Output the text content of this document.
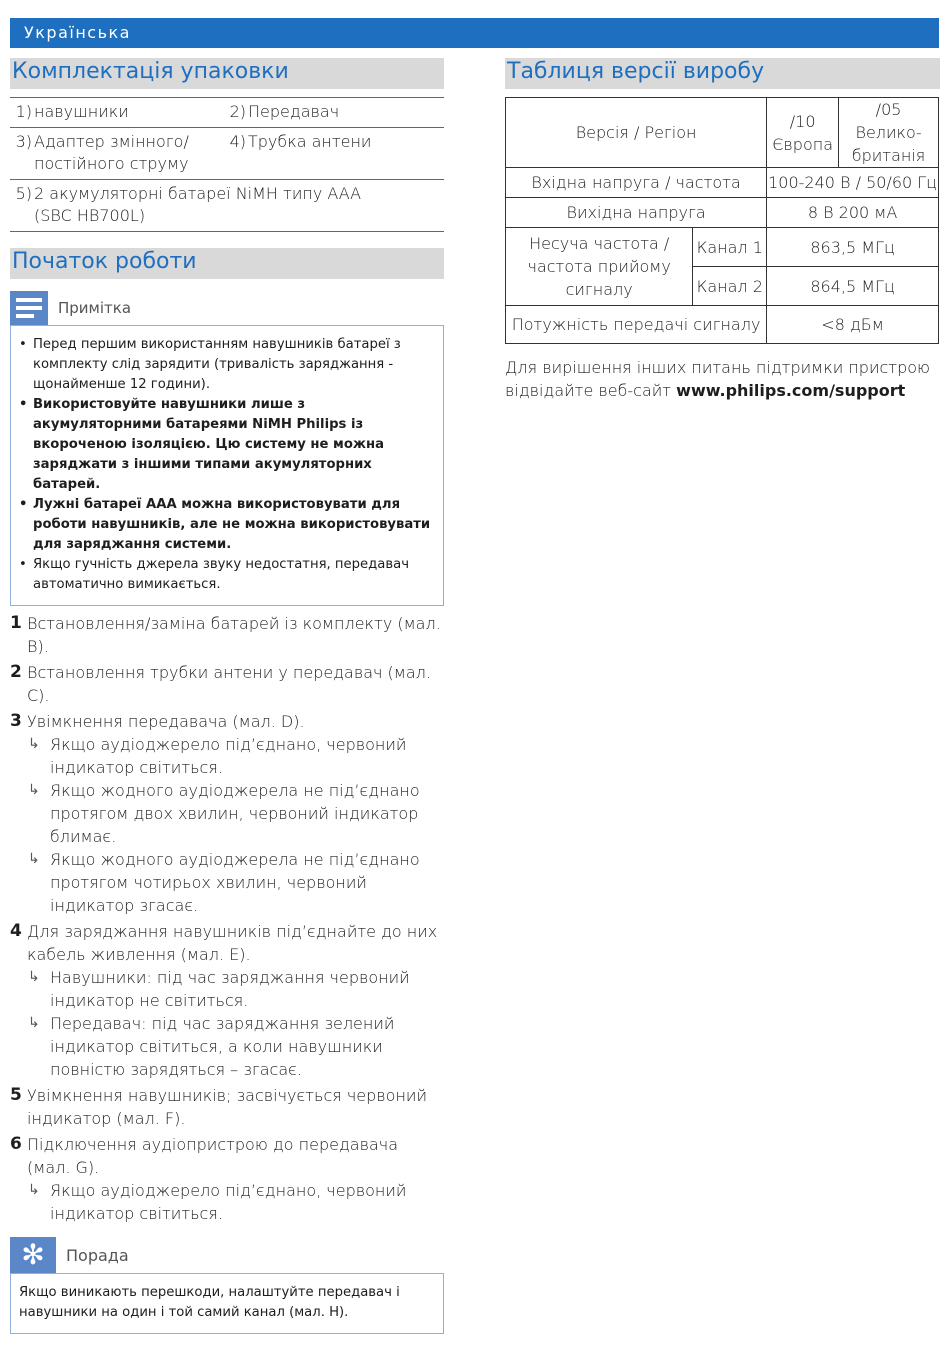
Українська
Комплектація упаковки
1) навушники	2) Передавач
3) Адаптер змінного/ постійного струму
4) Трубка антени
5) 2 акумуляторні батареї NiMH типу AAA (SBC HB700L)
Початок роботи
Примітка
• Перед першим використанням навушників батареї з комплекту слід зарядити (тривалість заряджання - щонайменше 12 години).
• Використовуйте навушники лише з акумуляторними батареями NiMH Philips із вкороченою ізоляцією. Цю систему не можна заряджати з іншими типами акумуляторних батарей.
• Лужні батареї AAA можна використовувати для роботи навушників, але не можна використовувати для заряджання системи.
• Якщо гучність джерела звуку недостатня, передавач автоматично вимикається.
1 Встановлення/заміна батарей із комплекту (мал. B).
2 Встановлення трубки антени у передавач (мал. C).
3 Увімкнення передавача (мал. D).
↳ Якщо аудіоджерело під’єднано, червоний індикатор світиться.
↳ Якщо жодного аудіоджерела не під’єднано протягом двох хвилин, червоний індикатор блимає.
↳ Якщо жодного аудіоджерела не під’єднано протягом чотирьох хвилин, червоний індикатор згасає.
4 Для заряджання навушників під’єднайте до них кабель живлення (мал. E).
↳ Навушники: під час заряджання червоний індикатор не світиться.
↳ Передавач: під час заряджання зелений індикатор світиться, а коли навушники повністю зарядяться – згасає.
5 Увімкнення навушників; засвічується червоний індикатор (мал. F).
6 Підключення аудіопристрою до передавача (мал. G).
↳ Якщо аудіоджерело під’єднано, червоний індикатор світиться.
✻	Порада
Якщо виникають перешкоди, налаштуйте передавач і навушники на один і той самий канал (мал. H).
Таблиця версії виробу
Версія / Регіон		/10 Європа	/05 Велико-британія
Вхідна напруга / частота		100-240 В / 50/60 Гц	
Вихідна напруга		8 В 200 мА	
Несуча частота / частота прийому сигналу	Канал 1	863,5 МГц	
	Канал 2	864,5 МГц	
Потужність передачі сигналу		<8 дБм	
Для вирішення інших питань підтримки пристрою відвідайте веб-сайт www.philips.com/support
